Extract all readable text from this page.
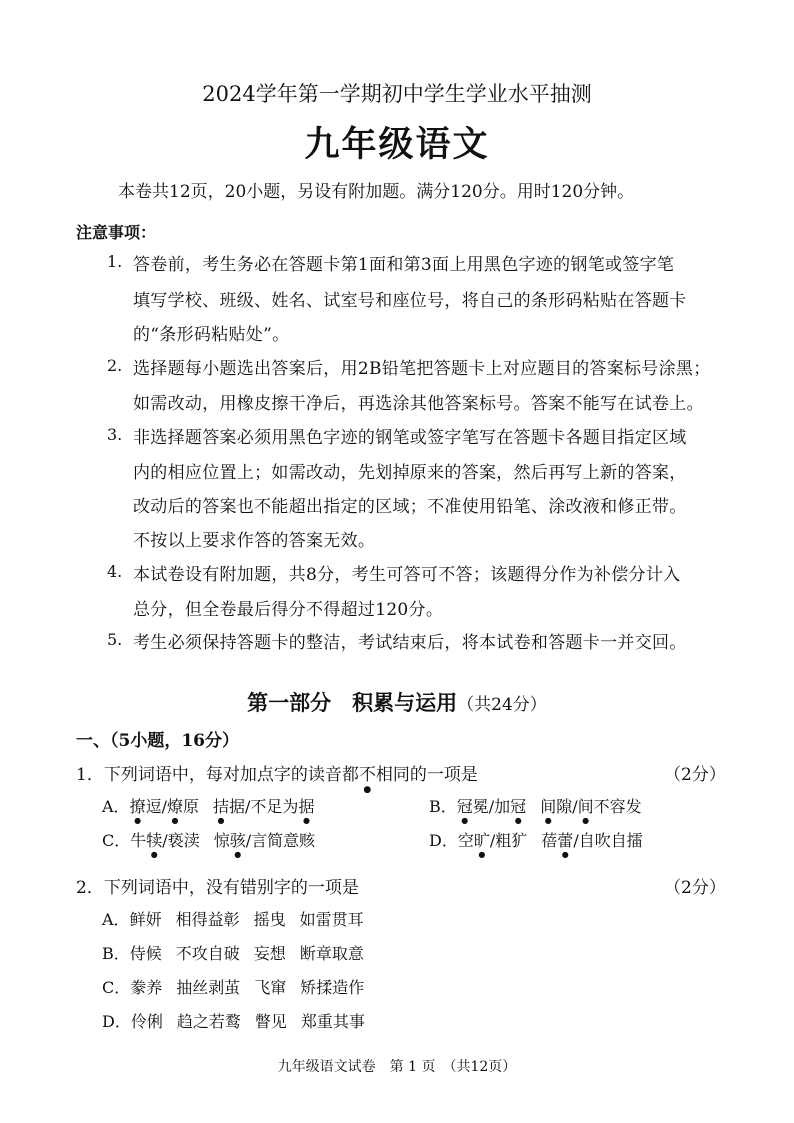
2024学年第一学期初中学生学业水平抽测
九年级语文
本卷共12页，20小题，另设有附加题。满分120分。用时120分钟。
注意事项：
1. 答卷前，考生务必在答题卡第1面和第3面上用黑色字迹的钢笔或签字笔
填写学校、班级、姓名、试室号和座位号，将自己的条形码粘贴在答题卡
的“条形码粘贴处”。
2. 选择题每小题选出答案后，用2B铅笔把答题卡上对应题目的答案标号涂黑；
如需改动，用橡皮擦干净后，再选涂其他答案标号。答案不能写在试卷上。
3. 非选择题答案必须用黑色字迹的钢笔或签字笔写在答题卡各题目指定区域
内的相应位置上；如需改动，先划掉原来的答案，然后再写上新的答案，
改动后的答案也不能超出指定的区域；不准使用铅笔、涂改液和修正带。
不按以上要求作答的答案无效。
4. 本试卷设有附加题，共8分，考生可答可不答；该题得分作为补偿分计入
总分，但全卷最后得分不得超过120分。
5. 考生必须保持答题卡的整洁，考试结束后，将本试卷和答题卡一并交回。
第一部分　积累与运用（共24分）
一、（5小题，16分）
1．下列词语中，每对加点字的读音都不相同的一项是	（2分）
A．撩逗/燎原 拮据/不足为据	B．冠冕/加冠 间隙/间不容发
C．牛犊/亵渎 惊骇/言简意赅	D．空旷/粗犷 蓓蕾/自吹自擂
2．下列词语中，没有错别字的一项是	（2分）
A．鲜妍 相得益彰 摇曳 如雷贯耳
B．侍候 不攻自破 妄想 断章取意
C．豢养 抽丝剥茧 飞窜 矫揉造作
D．伶俐 趋之若鹜 瞥见 郑重其事
九年级语文试卷　第 1 页　（共12页）
